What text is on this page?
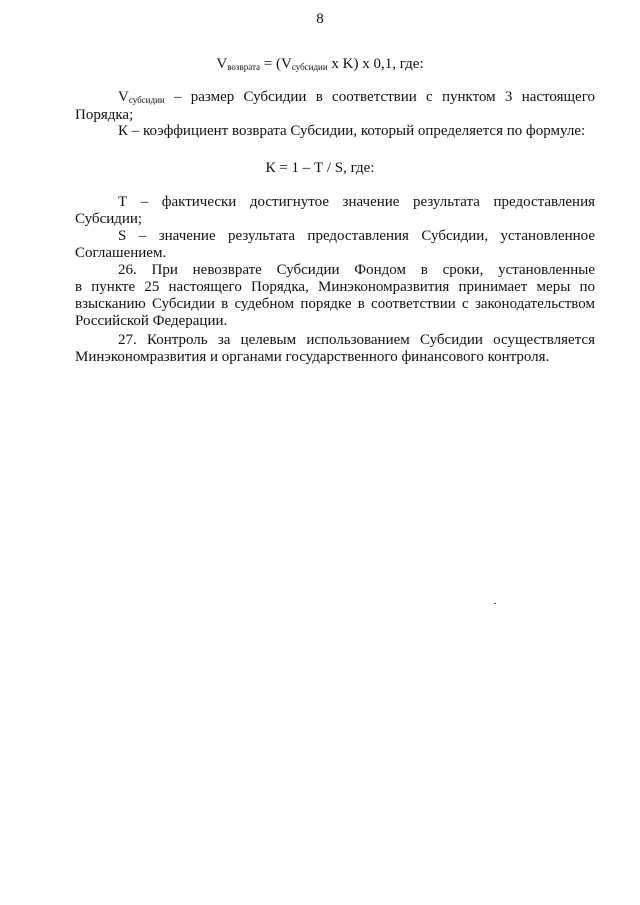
8
Vвозврата = (Vсубсидии x K) x 0,1, где:
Vсубсидии – размер Субсидии в соответствии с пунктом 3 настоящего
Порядка;
К – коэффициент возврата Субсидии, который определяется по формуле:
К = 1 – Т / S, где:
Т – фактически достигнутое значение результата предоставления
Субсидии;
S – значение результата предоставления Субсидии, установленное
Соглашением.
26. При невозврате Субсидии Фондом в сроки, установленные
в пункте 25 настоящего Порядка, Минэкономразвития принимает меры по
взысканию Субсидии в судебном порядке в соответствии с законодательством
Российской Федерации.
27. Контроль за целевым использованием Субсидии осуществляется
Минэкономразвития и органами государственного финансового контроля.
